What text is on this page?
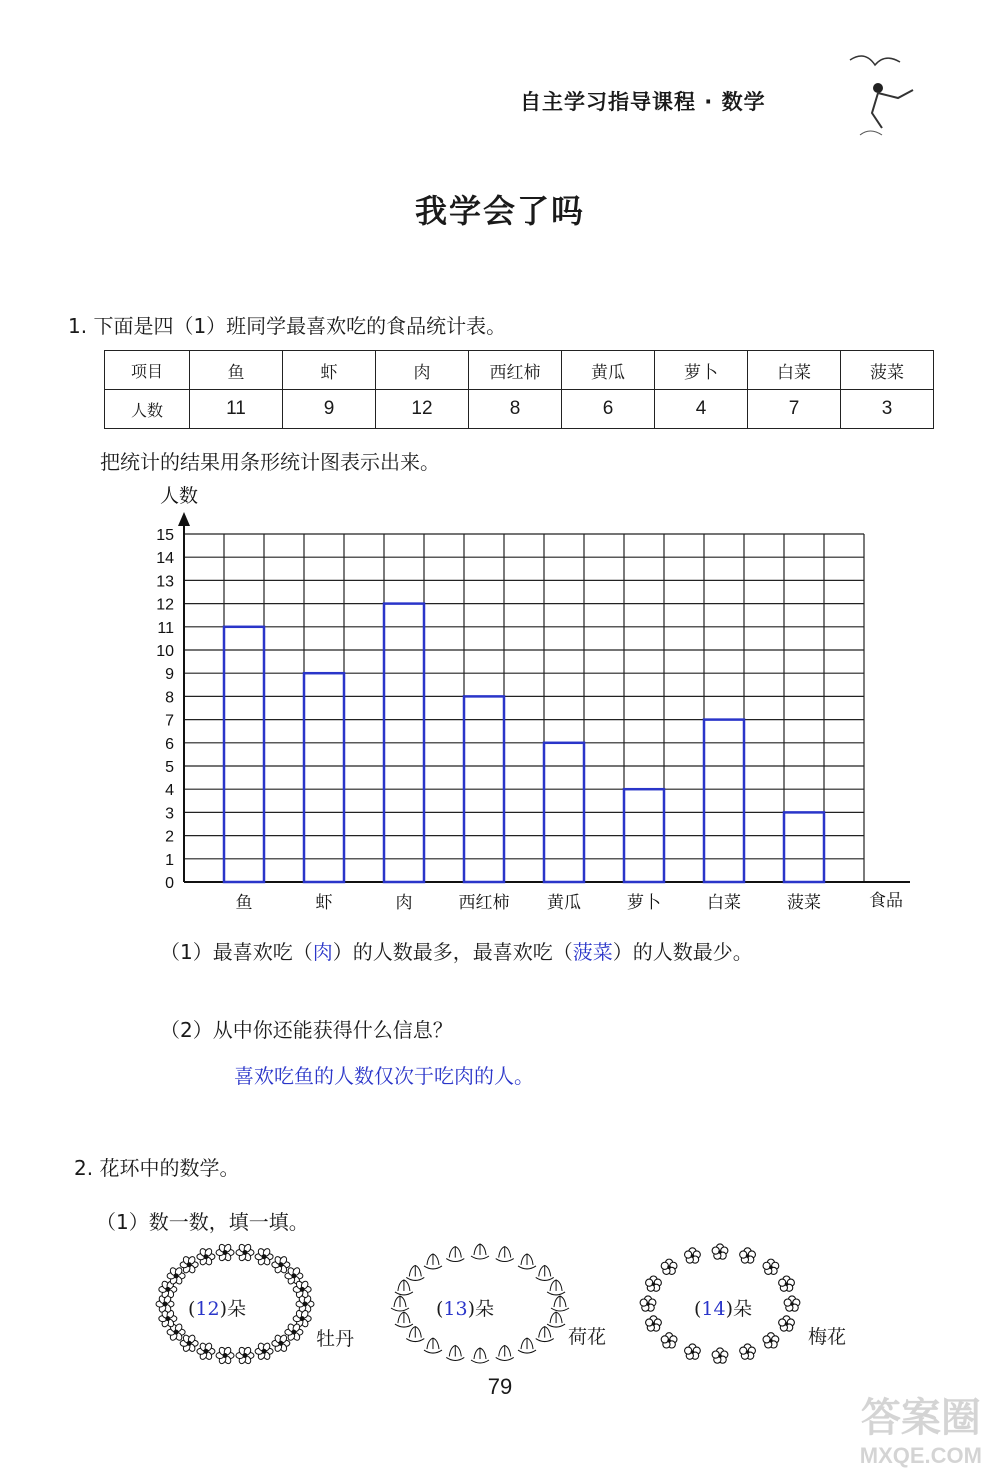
自主学习指导课程 · 数学
我学会了吗
1. 下面是四（1）班同学最喜欢吃的食品统计表。
项目	鱼	虾	肉	西红柿	黄瓜	萝卜	白菜	菠菜
人数	11	9	12	8	6	4	7	3
把统计的结果用条形统计图表示出来。
0
1
2
3
4
5
6
7
8
9
10
11
12
13
14
15
人数
鱼	虾	肉	西红柿 黄瓜	萝卜	白菜	菠菜	食品
（1）最喜欢吃（肉）的人数最多，最喜欢吃（菠菜）的人数最少。
（2）从中你还能获得什么信息？
喜欢吃鱼的人数仅次于吃肉的人。
2. 花环中的数学。
（1）数一数，填一填。
(12)朵
牡丹
(13)朵
荷花
(14)朵
梅花
79
答案圈
MXQE.COM
